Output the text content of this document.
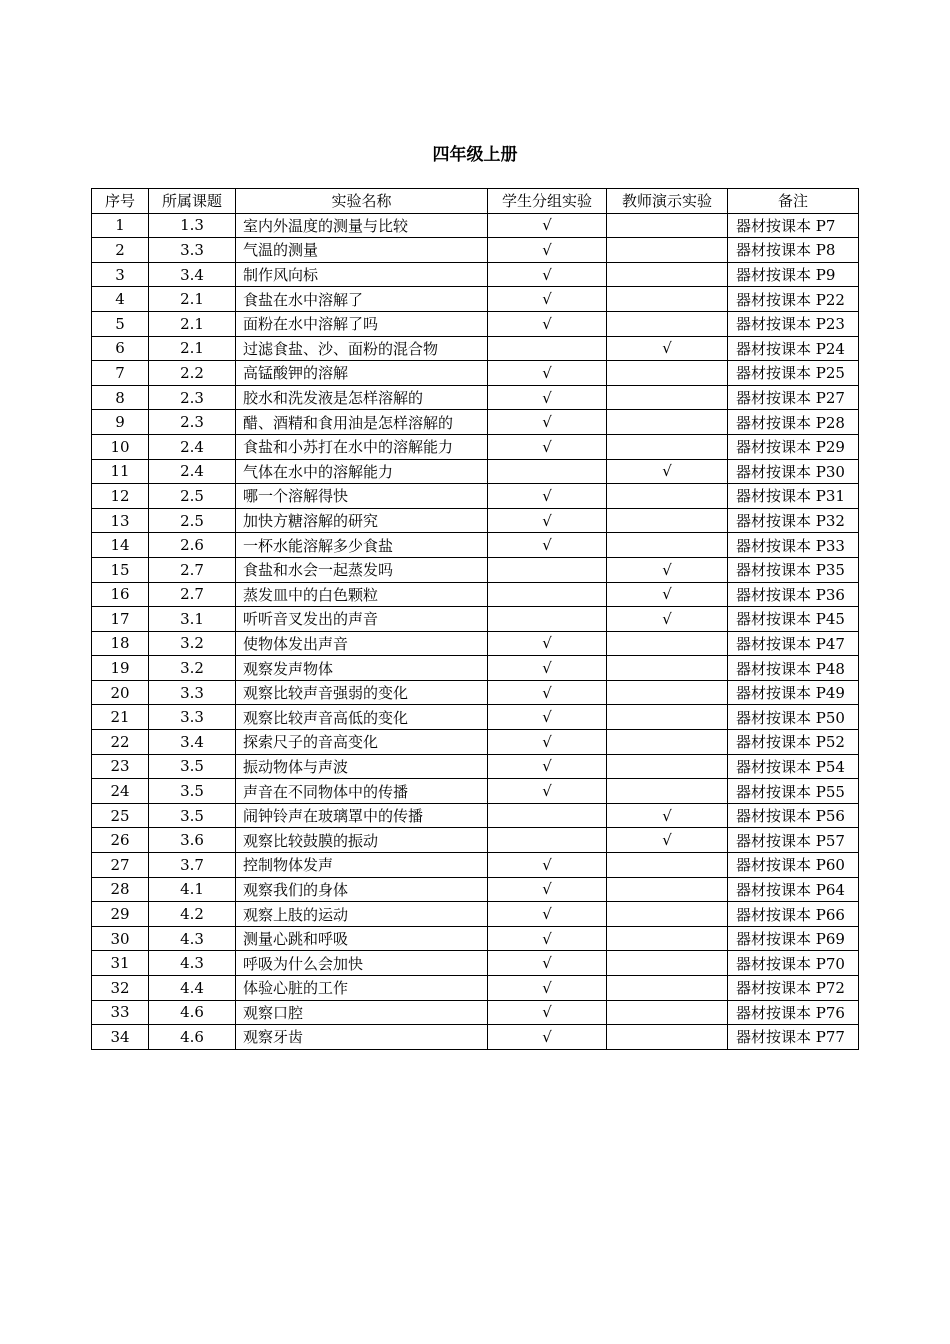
四年级上册
序号	所属课题	实验名称	学生分组实验	教师演示实验	备注
1	1.3	室内外温度的测量与比较	√		器材按课本 P7
2	3.3	气温的测量	√		器材按课本 P8
3	3.4	制作风向标	√		器材按课本 P9
4	2.1	食盐在水中溶解了	√		器材按课本 P22
5	2.1	面粉在水中溶解了吗	√		器材按课本 P23
6	2.1	过滤食盐、沙、面粉的混合物		√	器材按课本 P24
7	2.2	高锰酸钾的溶解	√		器材按课本 P25
8	2.3	胶水和洗发液是怎样溶解的	√		器材按课本 P27
9	2.3	醋、酒精和食用油是怎样溶解的	√		器材按课本 P28
10	2.4	食盐和小苏打在水中的溶解能力	√		器材按课本 P29
11	2.4	气体在水中的溶解能力		√	器材按课本 P30
12	2.5	哪一个溶解得快	√		器材按课本 P31
13	2.5	加快方糖溶解的研究	√		器材按课本 P32
14	2.6	一杯水能溶解多少食盐	√		器材按课本 P33
15	2.7	食盐和水会一起蒸发吗		√	器材按课本 P35
16	2.7	蒸发皿中的白色颗粒		√	器材按课本 P36
17	3.1	听听音叉发出的声音		√	器材按课本 P45
18	3.2	使物体发出声音	√		器材按课本 P47
19	3.2	观察发声物体	√		器材按课本 P48
20	3.3	观察比较声音强弱的变化	√		器材按课本 P49
21	3.3	观察比较声音高低的变化	√		器材按课本 P50
22	3.4	探索尺子的音高变化	√		器材按课本 P52
23	3.5	振动物体与声波	√		器材按课本 P54
24	3.5	声音在不同物体中的传播	√		器材按课本 P55
25	3.5	闹钟铃声在玻璃罩中的传播		√	器材按课本 P56
26	3.6	观察比较鼓膜的振动		√	器材按课本 P57
27	3.7	控制物体发声	√		器材按课本 P60
28	4.1	观察我们的身体	√		器材按课本 P64
29	4.2	观察上肢的运动	√		器材按课本 P66
30	4.3	测量心跳和呼吸	√		器材按课本 P69
31	4.3	呼吸为什么会加快	√		器材按课本 P70
32	4.4	体验心脏的工作	√		器材按课本 P72
33	4.6	观察口腔	√		器材按课本 P76
34	4.6	观察牙齿	√		器材按课本 P77
